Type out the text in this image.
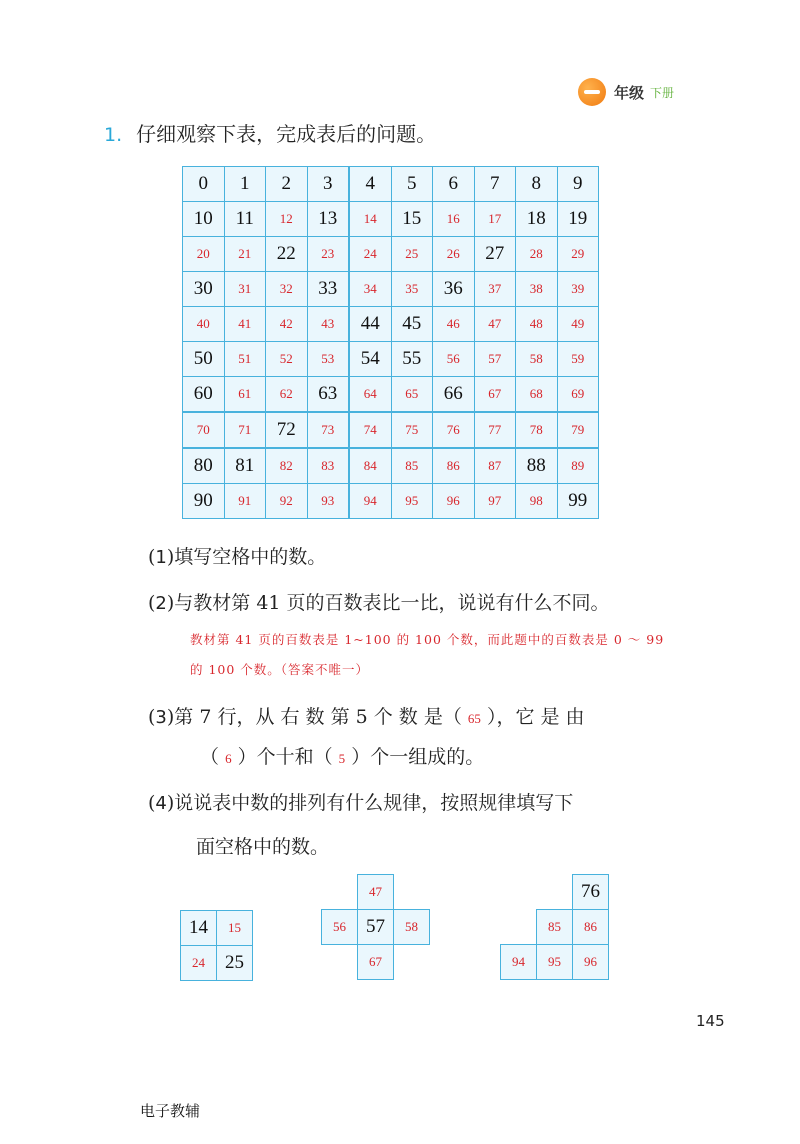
年级 下册
1. 仔细观察下表，完成表后的问题。
0	1	2	3	4	5	6	7	8	9
10	11	12	13	14	15	16	17	18	19
20	21	22	23	24	25	26	27	28	29
30	31	32	33	34	35	36	37	38	39
40	41	42	43	44	45	46	47	48	49
50	51	52	53	54	55	56	57	58	59
60	61	62	63	64	65	66	67	68	69
70	71	72	73	74	75	76	77	78	79
80	81	82	83	84	85	86	87	88	89
90	91	92	93	94	95	96	97	98	99
(1)填写空格中的数。
(2)与教材第 41 页的百数表比一比，说说有什么不同。
教材第 41 页的百数表是 1~100 的 100 个数，而此题中的百数表是 0 ～ 99
的 100 个数。（答案不唯一）
(3)第 7 行，从 右 数 第 5 个 数 是（ 65 ），它 是 由
（ 6 ）个十和（ 5 ）个一组成的。
(4)说说表中数的排列有什么规律，按照规律填写下
面空格中的数。
14	15
24	25
	47	
56	57	58
	67	
		76
	85	86
94	95	96
145
电子教辅
